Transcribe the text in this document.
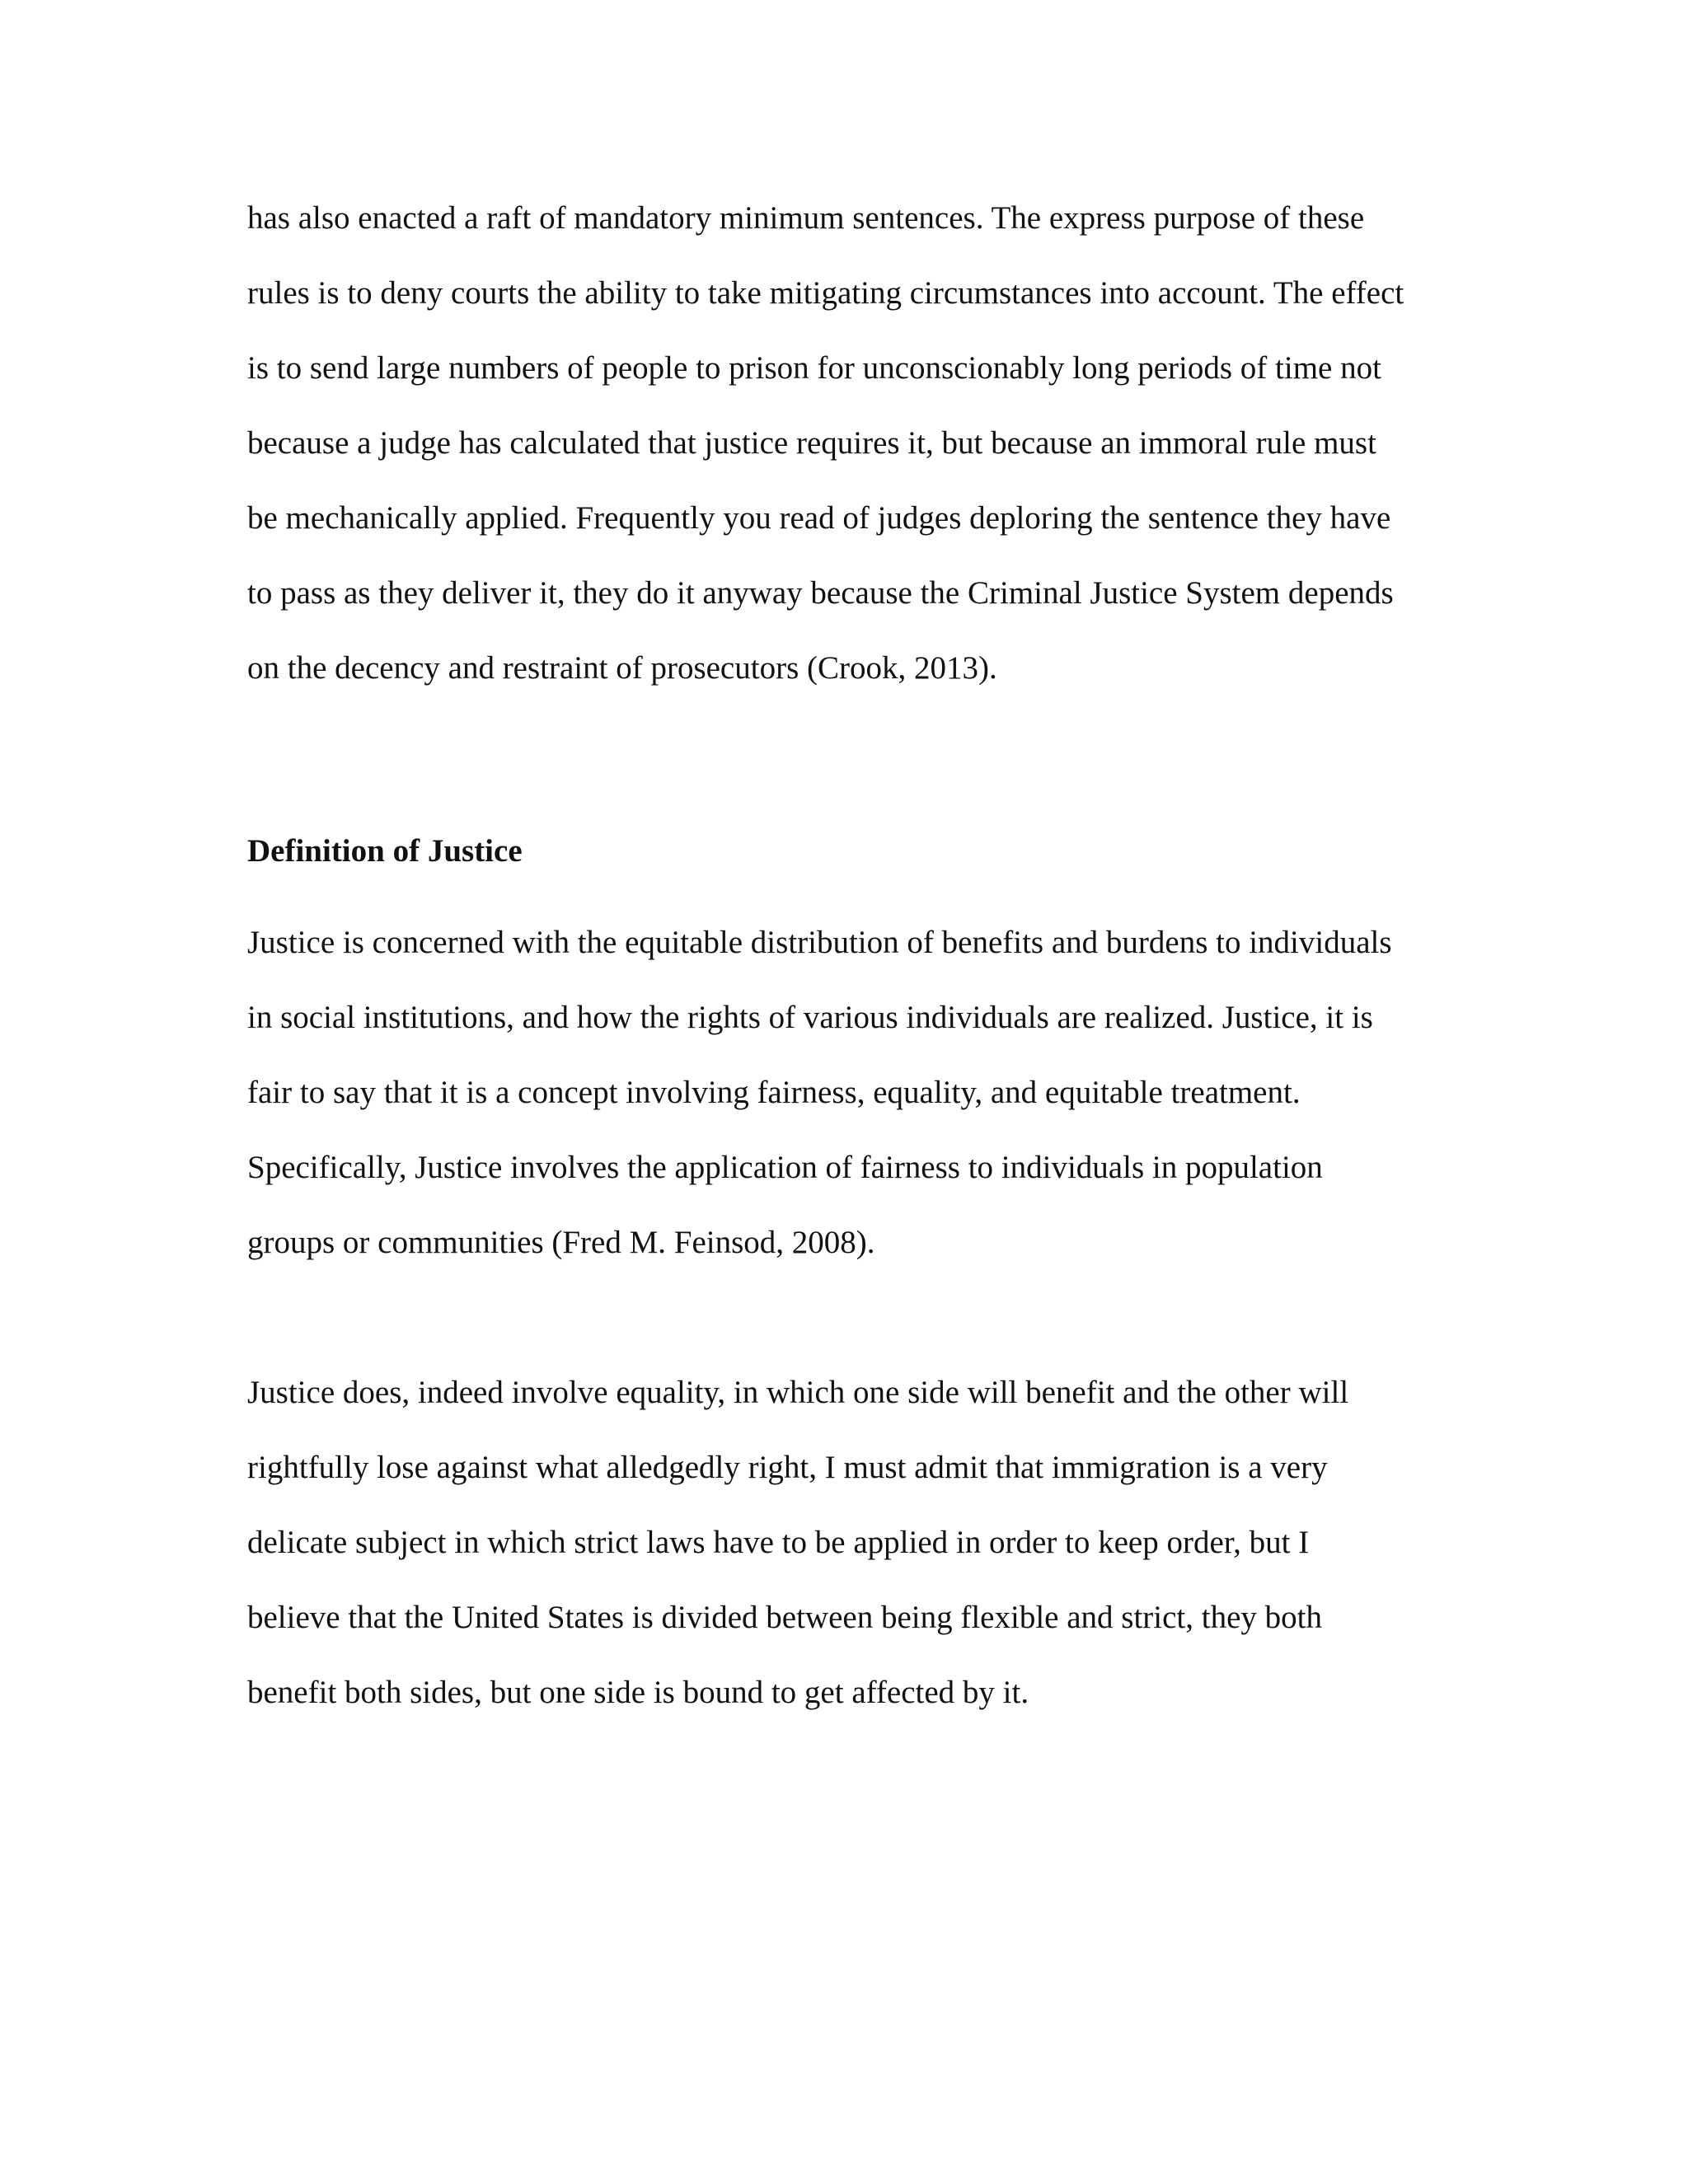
has also enacted a raft of mandatory minimum sentences. The express purpose of these
rules is to deny courts the ability to take mitigating circumstances into account. The effect
is to send large numbers of people to prison for unconscionably long periods of time not
because a judge has calculated that justice requires it, but because an immoral rule must
be mechanically applied. Frequently you read of judges deploring the sentence they have
to pass as they deliver it, they do it anyway because the Criminal Justice System depends
on the decency and restraint of prosecutors (Crook, 2013).
Definition of Justice
Justice is concerned with the equitable distribution of benefits and burdens to individuals
in social institutions, and how the rights of various individuals are realized. Justice, it is
fair to say that it is a concept involving fairness, equality, and equitable treatment.
Specifically, Justice involves the application of fairness to individuals in population
groups or communities (Fred M. Feinsod, 2008).
Justice does, indeed involve equality, in which one side will benefit and the other will
rightfully lose against what alledgedly right, I must admit that immigration is a very
delicate subject in which strict laws have to be applied in order to keep order, but I
believe that the United States is divided between being flexible and strict, they both
benefit both sides, but one side is bound to get affected by it.
